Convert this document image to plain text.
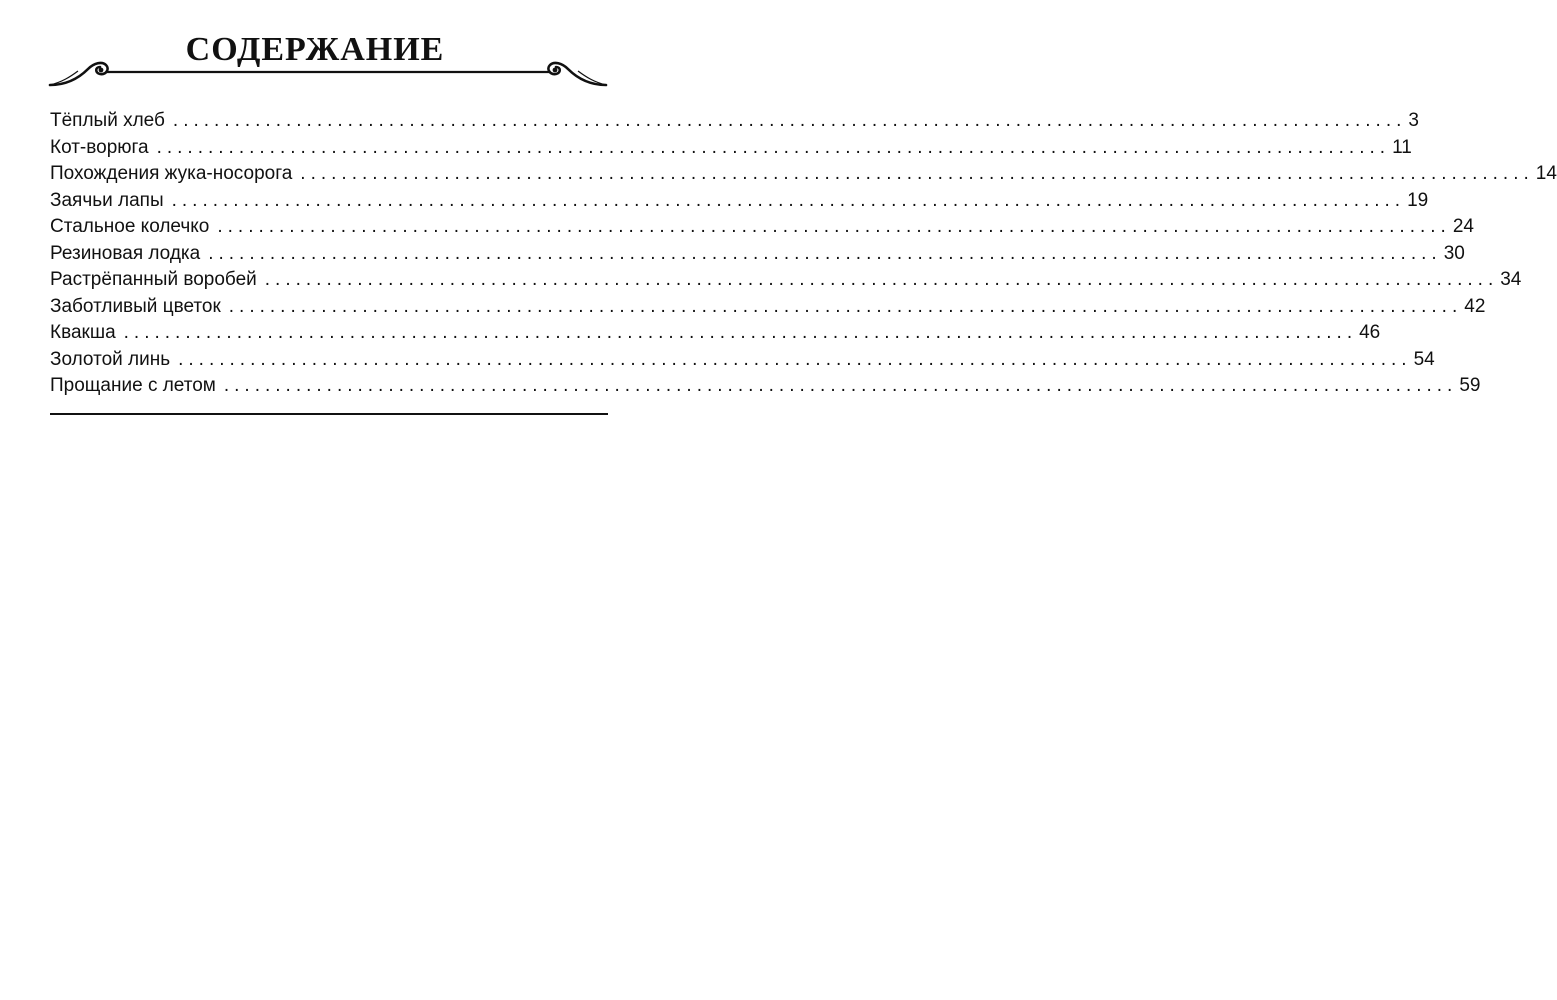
СОДЕРЖАНИЕ
Тёплый хлеб ........................................................................................................................ 3
Кот-ворюга ........................................................................................................................ 11
Похождения жука-носорога ........................................................................................................................ 14
Заячьи лапы ........................................................................................................................ 19
Стальное колечко ........................................................................................................................ 24
Резиновая лодка ........................................................................................................................ 30
Растрёпанный воробей ........................................................................................................................ 34
Заботливый цветок ........................................................................................................................ 42
Квакша ........................................................................................................................ 46
Золотой линь ........................................................................................................................ 54
Прощание с летом ........................................................................................................................ 59
